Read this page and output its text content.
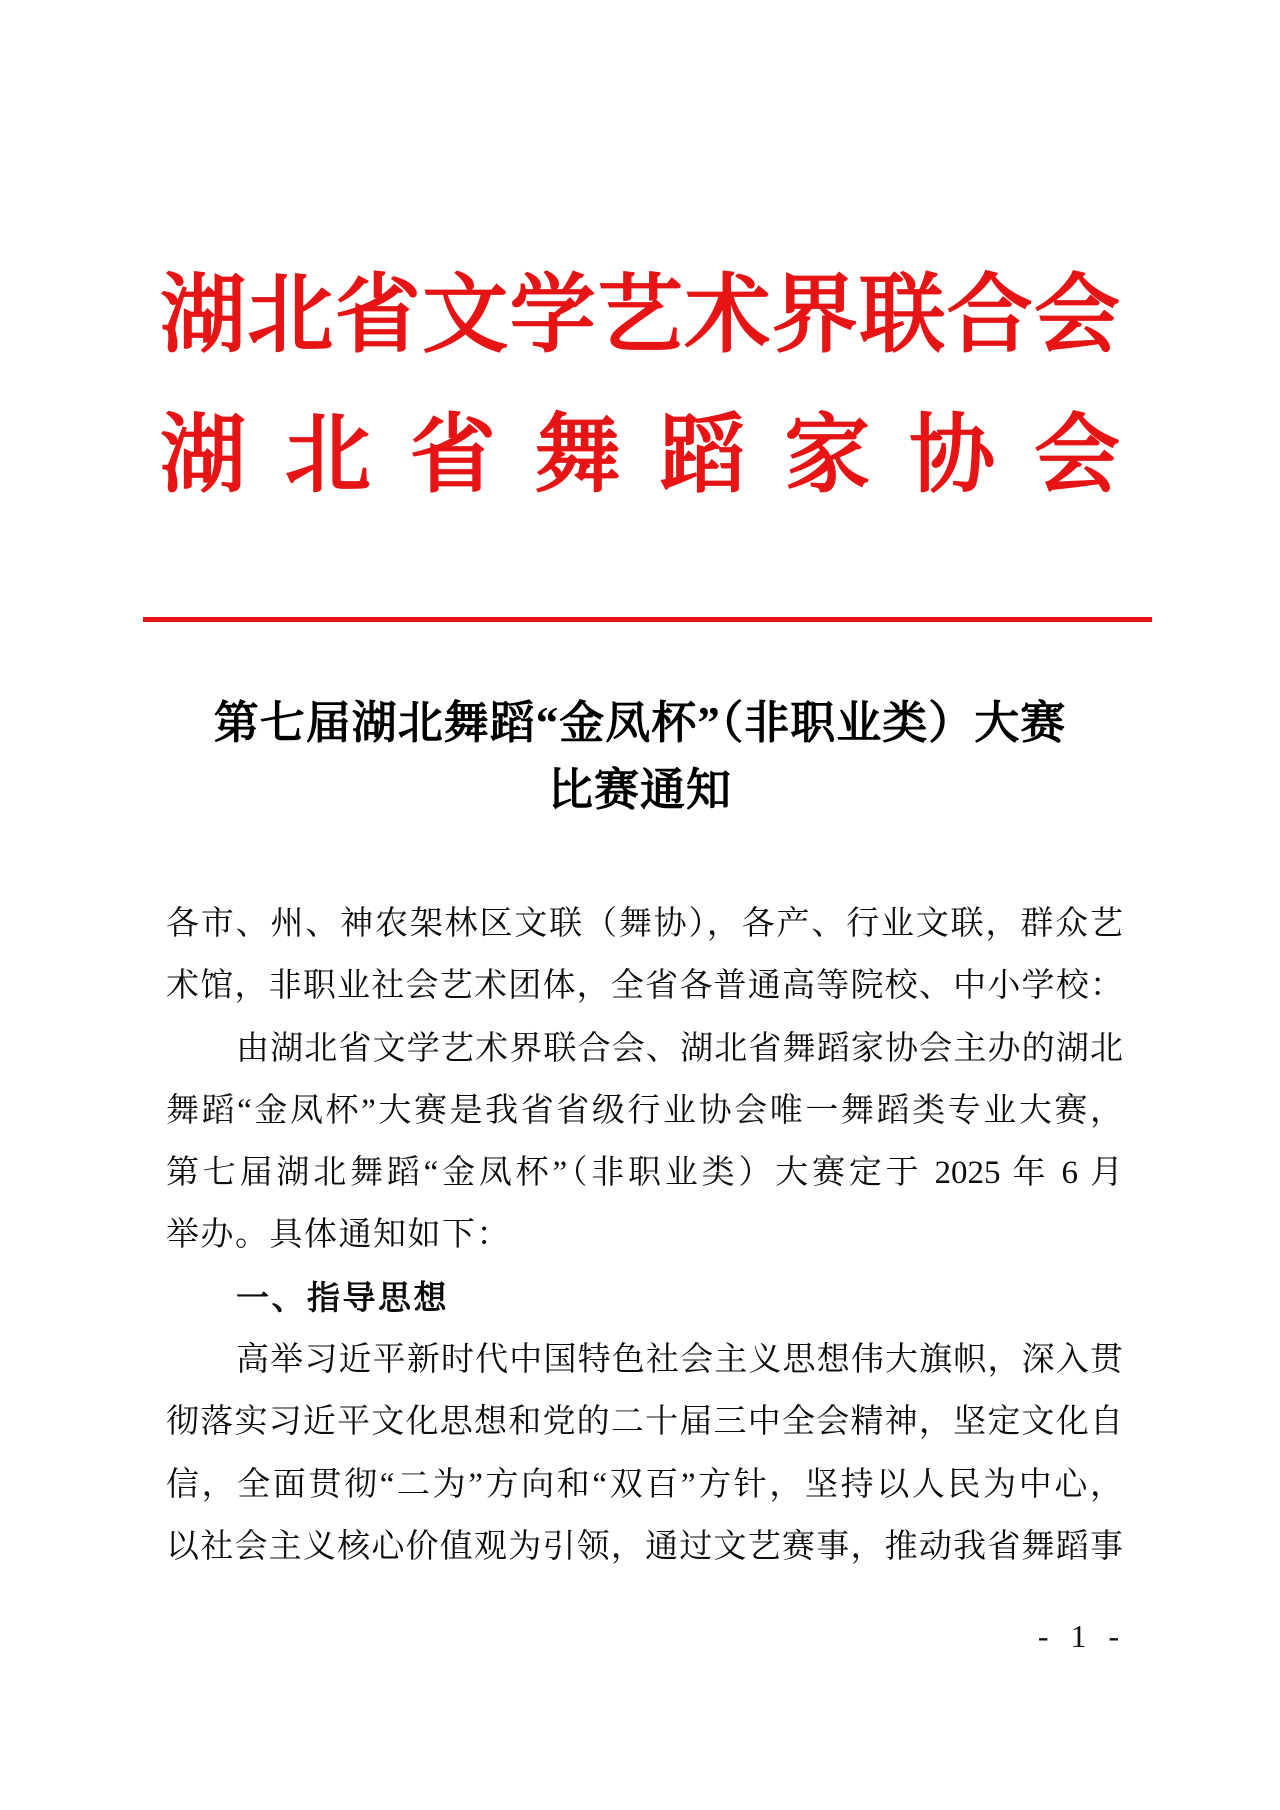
湖北省文学艺术界联合会
湖北省舞蹈家协会
第七届湖北舞蹈“金凤杯”（非职业类）大赛
比赛通知
各市、州、神农架林区文联（舞协），各产、行业文联，群众艺
术馆，非职业社会艺术团体，全省各普通高等院校、中小学校：
由湖北省文学艺术界联合会、湖北省舞蹈家协会主办的湖北
舞蹈“金凤杯”大赛是我省省级行业协会唯一舞蹈类专业大赛，
第七届湖北舞蹈“金凤杯”（非职业类）大赛定于 2025 年 6 月
举办。具体通知如下：
一、指导思想
高举习近平新时代中国特色社会主义思想伟大旗帜，深入贯
彻落实习近平文化思想和党的二十届三中全会精神，坚定文化自
信，全面贯彻“二为”方向和“双百”方针，坚持以人民为中心，
以社会主义核心价值观为引领，通过文艺赛事，推动我省舞蹈事
- 1 -
